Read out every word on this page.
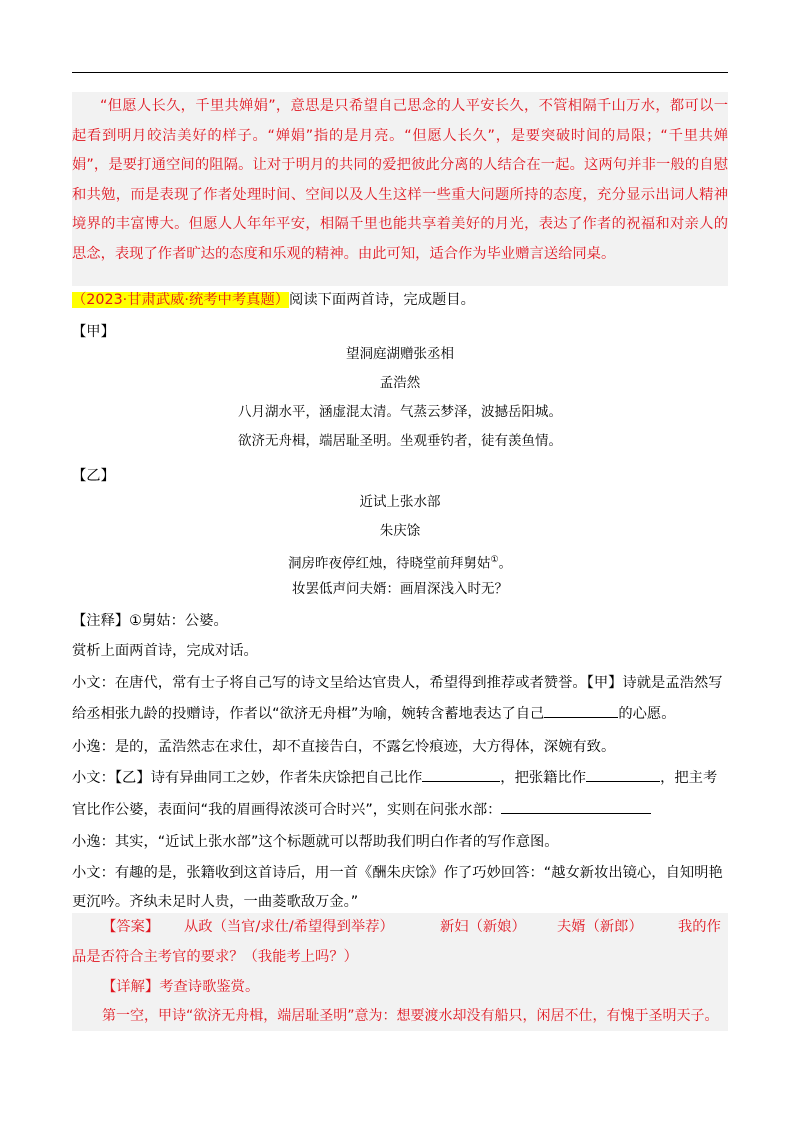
“但愿人长久，千里共婵娟”，意思是只希望自己思念的人平安长久，不管相隔千山万水，都可以一起看到明月皎洁美好的样子。“婵娟”指的是月亮。“但愿人长久”，是要突破时间的局限；“千里共婵娟”，是要打通空间的阻隔。让对于明月的共同的爱把彼此分离的人结合在一起。这两句并非一般的自慰和共勉，而是表现了作者处理时间、空间以及人生这样一些重大问题所持的态度，充分显示出词人精神境界的丰富博大。但愿人人年年平安，相隔千里也能共享着美好的月光，表达了作者的祝福和对亲人的思念，表现了作者旷达的态度和乐观的精神。由此可知，适合作为毕业赠言送给同桌。

（2023·甘肃武威·统考中考真题）阅读下面两首诗，完成题目。
【甲】
望洞庭湖赠张丞相
孟浩然
八月湖水平，涵虚混太清。气蒸云梦泽，波撼岳阳城。
欲济无舟楫，端居耻圣明。坐观垂钓者，徒有羡鱼情。
【乙】
近试上张水部
朱庆馀
洞房昨夜停红烛，待晓堂前拜舅姑①。
妆罢低声问夫婿：画眉深浅入时无？
【注释】①舅姑：公婆。
赏析上面两首诗，完成对话。
小文：在唐代，常有士子将自己写的诗文呈给达官贵人，希望得到推荐或者赞誉。【甲】诗就是孟浩然写
给丞相张九龄的投赠诗，作者以“欲济无舟楫”为喻，婉转含蓄地表达了自己	的心愿。
小逸：是的，孟浩然志在求仕，却不直接告白，不露乞怜痕迹，大方得体，深婉有致。
小文：【乙】诗有异曲同工之妙，作者朱庆馀把自己比作	，把张籍比作	，把主考
官比作公婆，表面问“我的眉画得浓淡可合时兴”，实则在问张水部：
小逸：其实，“近试上张水部”这个标题就可以帮助我们明白作者的写作意图。
小文：有趣的是，张籍收到这首诗后，用一首《酬朱庆馀》作了巧妙回答：“越女新妆出镜心，自知明艳
更沉吟。齐纨未足时人贵，一曲菱歌敌万金。”
【答案】 从政（当官/求仕/希望得到举荐）	新妇（新娘） 夫婿（新郎） 我的作
品是否符合主考官的要求？（我能考上吗？）
【详解】考查诗歌鉴赏。
第一空，甲诗“欲济无舟楫，端居耻圣明”意为：想要渡水却没有船只，闲居不仕，有愧于圣明天子。
